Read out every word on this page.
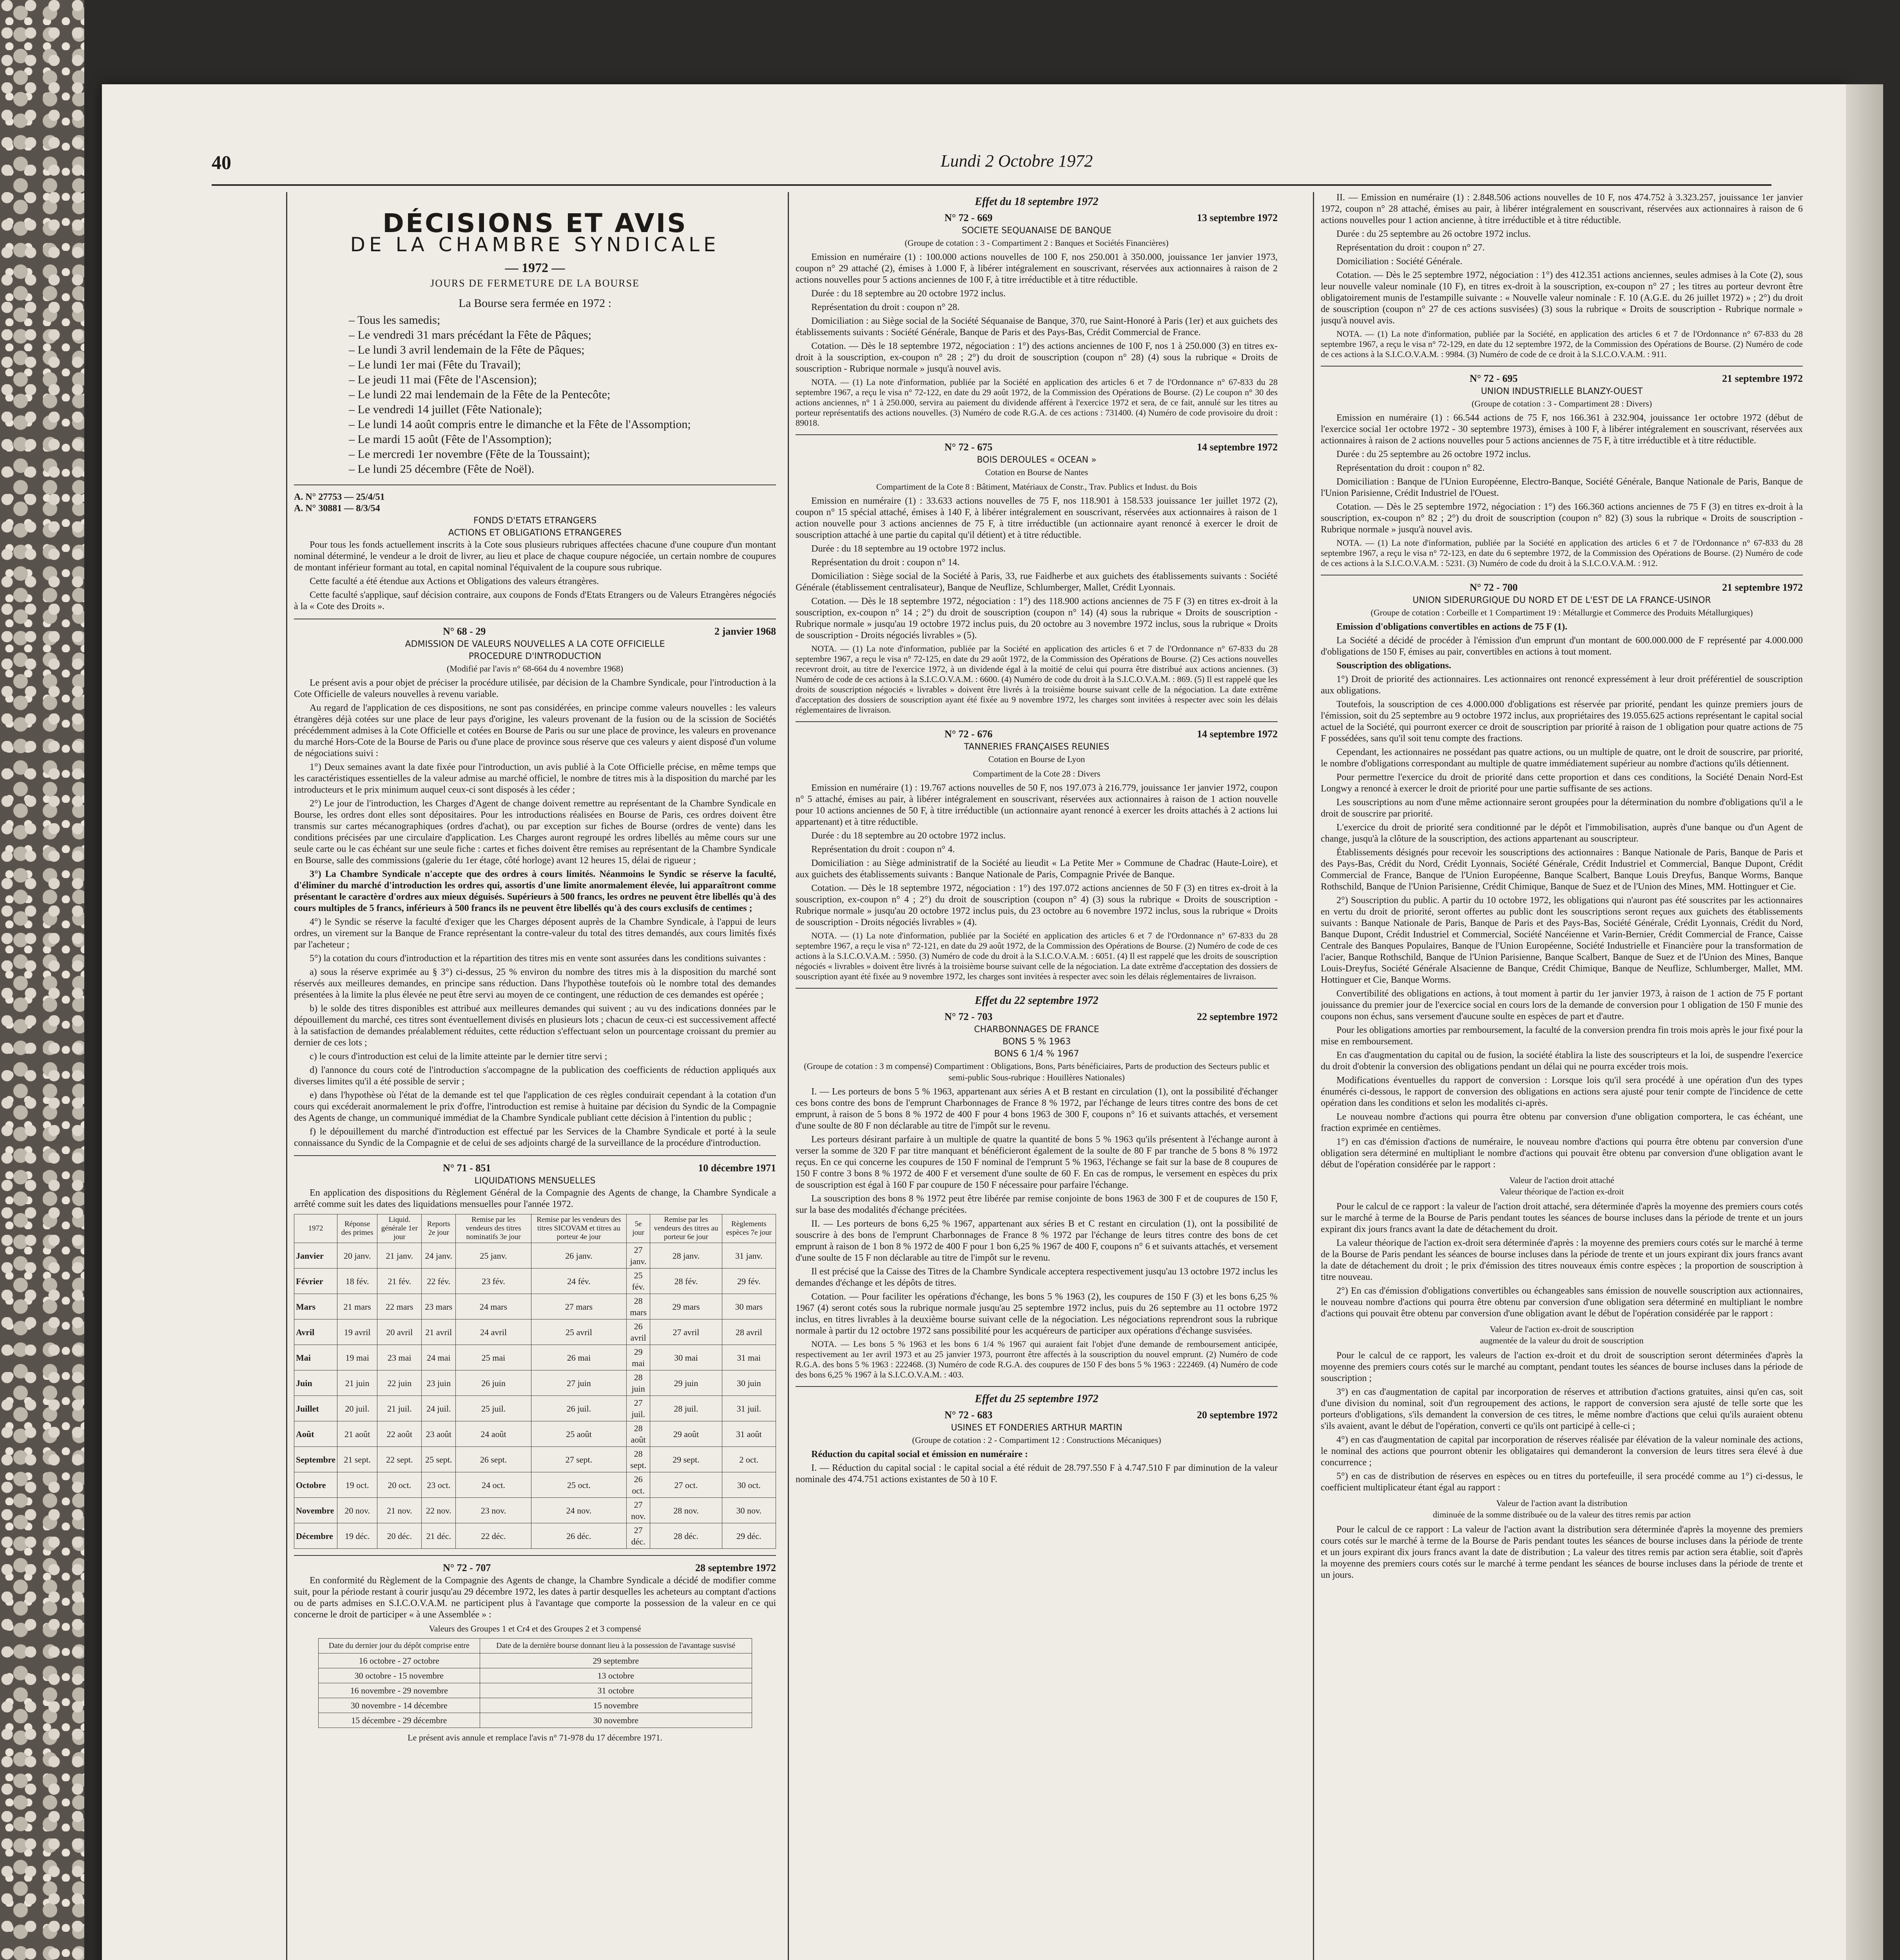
40	Lundi 2 Octobre 1972
DÉCISIONS ET AVIS
DE LA CHAMBRE SYNDICALE
— 1972 —
JOURS DE FERMETURE DE LA BOURSE
La Bourse sera fermée en 1972 :
– Tous les samedis;
– Le vendredi 31 mars précédant la Fête de Pâques;
– Le lundi 3 avril lendemain de la Fête de Pâques;
– Le lundi 1er mai (Fête du Travail);
– Le jeudi 11 mai (Fête de l'Ascension);
– Le lundi 22 mai lendemain de la Fête de la Pentecôte;
– Le vendredi 14 juillet (Fête Nationale);
– Le lundi 14 août compris entre le dimanche et la Fête de l'Assomption;
– Le mardi 15 août (Fête de l'Assomption);
– Le mercredi 1er novembre (Fête de la Toussaint);
– Le lundi 25 décembre (Fête de Noël).
A. N° 27753 — 25/4/51
A. N° 30881 — 8/3/54
FONDS D'ETATS ETRANGERS
ACTIONS ET OBLIGATIONS ETRANGERES

Pour tous les fonds actuellement inscrits à la Cote sous plusieurs rubriques affectées chacune d'une coupure d'un montant nominal déterminé, le vendeur a le droit de livrer, au lieu et place de chaque coupure négociée, un certain nombre de coupures de montant inférieur formant au total, en capital nominal l'équivalent de la coupure sous rubrique.

Cette faculté a été étendue aux Actions et Obligations des valeurs étrangères.

Cette faculté s'applique, sauf décision contraire, aux coupons de Fonds d'Etats Etrangers ou de Valeurs Etrangères négociés à la « Cote des Droits ».

N° 68 - 29	2 janvier 1968
ADMISSION DE VALEURS NOUVELLES A LA COTE OFFICIELLE
PROCEDURE D'INTRODUCTION
(Modifié par l'avis n° 68-664 du 4 novembre 1968)

Le présent avis a pour objet de préciser la procédure utilisée, par décision de la Chambre Syndicale, pour l'introduction à la Cote Officielle de valeurs nouvelles à revenu variable.

Au regard de l'application de ces dispositions, ne sont pas considérées, en principe comme valeurs nouvelles : les valeurs étrangères déjà cotées sur une place de leur pays d'origine, les valeurs provenant de la fusion ou de la scission de Sociétés précédemment admises à la Cote Officielle et cotées en Bourse de Paris ou sur une place de province, les valeurs en provenance du marché Hors-Cote de la Bourse de Paris ou d'une place de province sous réserve que ces valeurs y aient disposé d'un volume de négociations suivi :

1°) Deux semaines avant la date fixée pour l'introduction, un avis publié à la Cote Officielle précise, en même temps que les caractéristiques essentielles de la valeur admise au marché officiel, le nombre de titres mis à la disposition du marché par les introducteurs et le prix minimum auquel ceux-ci sont disposés à les céder ;

2°) Le jour de l'introduction, les Charges d'Agent de change doivent remettre au représentant de la Chambre Syndicale en Bourse, les ordres dont elles sont dépositaires. Pour les introductions réalisées en Bourse de Paris, ces ordres doivent être transmis sur cartes mécanographiques (ordres d'achat), ou par exception sur fiches de Bourse (ordres de vente) dans les conditions précisées par une circulaire d'application. Les Charges auront regroupé les ordres libellés au même cours sur une seule carte ou le cas échéant sur une seule fiche : cartes et fiches doivent être remises au représentant de la Chambre Syndicale en Bourse, salle des commissions (galerie du 1er étage, côté horloge) avant 12 heures 15, délai de rigueur ;

3°) La Chambre Syndicale n'accepte que des ordres à cours limités. Néanmoins le Syndic se réserve la faculté, d'éliminer du marché d'introduction les ordres qui, assortis d'une limite anormalement élevée, lui apparaîtront comme présentant le caractère d'ordres aux mieux déguisés. Supérieurs à 500 francs, les ordres ne peuvent être libellés qu'à des cours multiples de 5 francs, inférieurs à 500 francs ils ne peuvent être libellés qu'à des cours exclusifs de centimes ;

4°) le Syndic se réserve la faculté d'exiger que les Charges déposent auprès de la Chambre Syndicale, à l'appui de leurs ordres, un virement sur la Banque de France représentant la contre-valeur du total des titres demandés, aux cours limités fixés par l'acheteur ;

5°) la cotation du cours d'introduction et la répartition des titres mis en vente sont assurées dans les conditions suivantes :

a) sous la réserve exprimée au § 3°) ci-dessus, 25 % environ du nombre des titres mis à la disposition du marché sont réservés aux meilleures demandes, en principe sans réduction. Dans l'hypothèse toutefois où le nombre total des demandes présentées à la limite la plus élevée ne peut être servi au moyen de ce contingent, une réduction de ces demandes est opérée ;

b) le solde des titres disponibles est attribué aux meilleures demandes qui suivent ; au vu des indications données par le dépouillement du marché, ces titres sont éventuellement divisés en plusieurs lots ; chacun de ceux-ci est successivement affecté à la satisfaction de demandes préalablement réduites, cette réduction s'effectuant selon un pourcentage croissant du premier au dernier de ces lots ;

c) le cours d'introduction est celui de la limite atteinte par le dernier titre servi ;

d) l'annonce du cours coté de l'introduction s'accompagne de la publication des coefficients de réduction appliqués aux diverses limites qu'il a été possible de servir ;

e) dans l'hypothèse où l'état de la demande est tel que l'application de ces règles conduirait cependant à la cotation d'un cours qui excéderait anormalement le prix d'offre, l'introduction est remise à huitaine par décision du Syndic de la Compagnie des Agents de change, un communiqué immédiat de la Chambre Syndicale publiant cette décision à l'intention du public ;

f) le dépouillement du marché d'introduction est effectué par les Services de la Chambre Syndicale et porté à la seule connaissance du Syndic de la Compagnie et de celui de ses adjoints chargé de la surveillance de la procédure d'introduction.

N° 71 - 851	10 décembre 1971
LIQUIDATIONS MENSUELLES

En application des dispositions du Règlement Général de la Compagnie des Agents de change, la Chambre Syndicale a arrêté comme suit les dates des liquidations mensuelles pour l'année 1972.

1972	Réponse des primes	Liquid. générale 1er jour	Reports 2e jour	Remise par les vendeurs des titres nominatifs 3e jour	Remise par les vendeurs des titres SICOVAM et titres au porteur 4e jour	5e jour	Remise par les vendeurs des titres au porteur 6e jour	Règlements espèces 7e jour
Janvier	20 janv.	21 janv.	24 janv.	25 janv.	26 janv.	27 janv.	28 janv.	31 janv.
Février	18 fév.	21 fév.	22 fév.	23 fév.	24 fév.	25 fév.	28 fév.	29 fév.
Mars	21 mars	22 mars	23 mars	24 mars	27 mars	28 mars	29 mars	30 mars
Avril	19 avril	20 avril	21 avril	24 avril	25 avril	26 avril	27 avril	28 avril
Mai	19 mai	23 mai	24 mai	25 mai	26 mai	29 mai	30 mai	31 mai
Juin	21 juin	22 juin	23 juin	26 juin	27 juin	28 juin	29 juin	30 juin
Juillet	20 juil.	21 juil.	24 juil.	25 juil.	26 juil.	27 juil.	28 juil.	31 juil.
Août	21 août	22 août	23 août	24 août	25 août	28 août	29 août	31 août
Septembre	21 sept.	22 sept.	25 sept.	26 sept.	27 sept.	28 sept.	29 sept.	2 oct.
Octobre	19 oct.	20 oct.	23 oct.	24 oct.	25 oct.	26 oct.	27 oct.	30 oct.
Novembre	20 nov.	21 nov.	22 nov.	23 nov.	24 nov.	27 nov.	28 nov.	30 nov.
Décembre	19 déc.	20 déc.	21 déc.	22 déc.	26 déc.	27 déc.	28 déc.	29 déc.
N° 72 - 707	28 septembre 1972

En conformité du Règlement de la Compagnie des Agents de change, la Chambre Syndicale a décidé de modifier comme suit, pour la période restant à courir jusqu'au 29 décembre 1972, les dates à partir desquelles les acheteurs au comptant d'actions ou de parts admises en S.I.C.O.V.A.M. ne participent plus à l'avantage que comporte la possession de la valeur en ce qui concerne le droit de participer « à une Assemblée » :

Valeurs des Groupes 1 et Cr4 et des Groupes 2 et 3 compensé
Date du dernier jour du dépôt comprise entre	Date de la dernière bourse donnant lieu à la possession de l'avantage susvisé
16 octobre - 27 octobre	29 septembre
30 octobre - 15 novembre	13 octobre
16 novembre - 29 novembre	31 octobre
30 novembre - 14 décembre	15 novembre
15 décembre - 29 décembre	30 novembre
Le présent avis annule et remplace l'avis n° 71-978 du 17 décembre 1971.
Effet du 18 septembre 1972
N° 72 - 669	13 septembre 1972
SOCIETE SEQUANAISE DE BANQUE
(Groupe de cotation : 3 - Compartiment 2 : Banques et Sociétés Financières)

Emission en numéraire (1) : 100.000 actions nouvelles de 100 F, nos 250.001 à 350.000, jouissance 1er janvier 1973, coupon n° 29 attaché (2), émises à 1.000 F, à libérer intégralement en souscrivant, réservées aux actionnaires à raison de 2 actions nouvelles pour 5 actions anciennes de 100 F, à titre irréductible et à titre réductible.

Durée : du 18 septembre au 20 octobre 1972 inclus.

Représentation du droit : coupon n° 28.

Domiciliation : au Siège social de la Société Séquanaise de Banque, 370, rue Saint-Honoré à Paris (1er) et aux guichets des établissements suivants : Société Générale, Banque de Paris et des Pays-Bas, Crédit Commercial de France.

Cotation. — Dès le 18 septembre 1972, négociation : 1°) des actions anciennes de 100 F, nos 1 à 250.000 (3) en titres ex-droit à la souscription, ex-coupon n° 28 ; 2°) du droit de souscription (coupon n° 28) (4) sous la rubrique « Droits de souscription - Rubrique normale » jusqu'à nouvel avis.

NOTA. — (1) La note d'information, publiée par la Société en application des articles 6 et 7 de l'Ordonnance n° 67-833 du 28 septembre 1967, a reçu le visa n° 72-122, en date du 29 août 1972, de la Commission des Opérations de Bourse. (2) Le coupon n° 30 des actions anciennes, n° 1 à 250.000, servira au paiement du dividende afférent à l'exercice 1972 et sera, de ce fait, annulé sur les titres au porteur représentatifs des actions nouvelles. (3) Numéro de code R.G.A. de ces actions : 731400. (4) Numéro de code provisoire du droit : 89018.

N° 72 - 675	14 septembre 1972
BOIS DEROULES « OCEAN »
Cotation en Bourse de Nantes
Compartiment de la Cote 8 : Bâtiment, Matériaux de Constr., Trav. Publics et Indust. du Bois

Emission en numéraire (1) : 33.633 actions nouvelles de 75 F, nos 118.901 à 158.533 jouissance 1er juillet 1972 (2), coupon n° 15 spécial attaché, émises à 140 F, à libérer intégralement en souscrivant, réservées aux actionnaires à raison de 1 action nouvelle pour 3 actions anciennes de 75 F, à titre irréductible (un actionnaire ayant renoncé à exercer le droit de souscription attaché à une partie du capital qu'il détient) et à titre réductible.

Durée : du 18 septembre au 19 octobre 1972 inclus.

Représentation du droit : coupon n° 14.

Domiciliation : Siège social de la Société à Paris, 33, rue Faidherbe et aux guichets des établissements suivants : Société Générale (établissement centralisateur), Banque de Neuflize, Schlumberger, Mallet, Crédit Lyonnais.

Cotation. — Dès le 18 septembre 1972, négociation : 1°) des 118.900 actions anciennes de 75 F (3) en titres ex-droit à la souscription, ex-coupon n° 14 ; 2°) du droit de souscription (coupon n° 14) (4) sous la rubrique « Droits de souscription - Rubrique normale » jusqu'au 19 octobre 1972 inclus puis, du 20 octobre au 3 novembre 1972 inclus, sous la rubrique « Droits de souscription - Droits négociés livrables » (5).

NOTA. — (1) La note d'information, publiée par la Société en application des articles 6 et 7 de l'Ordonnance n° 67-833 du 28 septembre 1967, a reçu le visa n° 72-125, en date du 29 août 1972, de la Commission des Opérations de Bourse. (2) Ces actions nouvelles recevront droit, au titre de l'exercice 1972, à un dividende égal à la moitié de celui qui pourra être distribué aux actions anciennes. (3) Numéro de code de ces actions à la S.I.C.O.V.A.M. : 6600. (4) Numéro de code du droit à la S.I.C.O.V.A.M. : 869. (5) Il est rappelé que les droits de souscription négociés « livrables » doivent être livrés à la troisième bourse suivant celle de la négociation. La date extrême d'acceptation des dossiers de souscription ayant été fixée au 9 novembre 1972, les charges sont invitées à respecter avec soin les délais réglementaires de livraison.

N° 72 - 676	14 septembre 1972
TANNERIES FRANÇAISES REUNIES
Cotation en Bourse de Lyon
Compartiment de la Cote 28 : Divers

Emission en numéraire (1) : 19.767 actions nouvelles de 50 F, nos 197.073 à 216.779, jouissance 1er janvier 1972, coupon n° 5 attaché, émises au pair, à libérer intégralement en souscrivant, réservées aux actionnaires à raison de 1 action nouvelle pour 10 actions anciennes de 50 F, à titre irréductible (un actionnaire ayant renoncé à exercer les droits attachés à 2 actions lui appartenant) et à titre réductible.

Durée : du 18 septembre au 20 octobre 1972 inclus.

Représentation du droit : coupon n° 4.

Domiciliation : au Siège administratif de la Société au lieudit « La Petite Mer » Commune de Chadrac (Haute-Loire), et aux guichets des établissements suivants : Banque Nationale de Paris, Compagnie Privée de Banque.

Cotation. — Dès le 18 septembre 1972, négociation : 1°) des 197.072 actions anciennes de 50 F (3) en titres ex-droit à la souscription, ex-coupon n° 4 ; 2°) du droit de souscription (coupon n° 4) (3) sous la rubrique « Droits de souscription - Rubrique normale » jusqu'au 20 octobre 1972 inclus puis, du 23 octobre au 6 novembre 1972 inclus, sous la rubrique « Droits de souscription - Droits négociés livrables » (4).

NOTA. — (1) La note d'information, publiée par la Société en application des articles 6 et 7 de l'Ordonnance n° 67-833 du 28 septembre 1967, a reçu le visa n° 72-121, en date du 29 août 1972, de la Commission des Opérations de Bourse. (2) Numéro de code de ces actions à la S.I.C.O.V.A.M. : 5950. (3) Numéro de code du droit à la S.I.C.O.V.A.M. : 6051. (4) Il est rappelé que les droits de souscription négociés « livrables » doivent être livrés à la troisième bourse suivant celle de la négociation. La date extrême d'acceptation des dossiers de souscription ayant été fixée au 9 novembre 1972, les charges sont invitées à respecter avec soin les délais réglementaires de livraison.

Effet du 22 septembre 1972
N° 72 - 703	22 septembre 1972
CHARBONNAGES DE FRANCE
BONS 5 % 1963
BONS 6 1/4 % 1967
(Groupe de cotation : 3 m compensé) Compartiment : Obligations, Bons, Parts bénéficiaires, Parts de production des Secteurs public et semi-public Sous-rubrique : Houillères Nationales)

I. — Les porteurs de bons 5 % 1963, appartenant aux séries A et B restant en circulation (1), ont la possibilité d'échanger ces bons contre des bons de l'emprunt Charbonnages de France 8 % 1972, par l'échange de leurs titres contre des bons de cet emprunt, à raison de 5 bons 8 % 1972 de 400 F pour 4 bons 1963 de 300 F, coupons n° 16 et suivants attachés, et versement d'une soulte de 80 F non déclarable au titre de l'impôt sur le revenu.

Les porteurs désirant parfaire à un multiple de quatre la quantité de bons 5 % 1963 qu'ils présentent à l'échange auront à verser la somme de 320 F par titre manquant et bénéficieront également de la soulte de 80 F par tranche de 5 bons 8 % 1972 reçus. En ce qui concerne les coupures de 150 F nominal de l'emprunt 5 % 1963, l'échange se fait sur la base de 8 coupures de 150 F contre 3 bons 8 % 1972 de 400 F et versement d'une soulte de 60 F. En cas de rompus, le versement en espèces du prix de souscription est égal à 160 F par coupure de 150 F nécessaire pour parfaire l'échange.

La souscription des bons 8 % 1972 peut être libérée par remise conjointe de bons 1963 de 300 F et de coupures de 150 F, sur la base des modalités d'échange précitées.

II. — Les porteurs de bons 6,25 % 1967, appartenant aux séries B et C restant en circulation (1), ont la possibilité de souscrire à des bons de l'emprunt Charbonnages de France 8 % 1972 par l'échange de leurs titres contre des bons de cet emprunt à raison de 1 bon 8 % 1972 de 400 F pour 1 bon 6,25 % 1967 de 400 F, coupons n° 6 et suivants attachés, et versement d'une soulte de 15 F non déclarable au titre de l'impôt sur le revenu.

Il est précisé que la Caisse des Titres de la Chambre Syndicale acceptera respectivement jusqu'au 13 octobre 1972 inclus les demandes d'échange et les dépôts de titres.

Cotation. — Pour faciliter les opérations d'échange, les bons 5 % 1963 (2), les coupures de 150 F (3) et les bons 6,25 % 1967 (4) seront cotés sous la rubrique normale jusqu'au 25 septembre 1972 inclus, puis du 26 septembre au 11 octobre 1972 inclus, en titres livrables à la deuxième bourse suivant celle de la négociation. Les négociations reprendront sous la rubrique normale à partir du 12 octobre 1972 sans possibilité pour les acquéreurs de participer aux opérations d'échange susvisées.

NOTA. — Les bons 5 % 1963 et les bons 6 1/4 % 1967 qui auraient fait l'objet d'une demande de remboursement anticipée, respectivement au 1er avril 1973 et au 25 janvier 1973, pourront être affectés à la souscription du nouvel emprunt. (2) Numéro de code R.G.A. des bons 5 % 1963 : 222468. (3) Numéro de code R.G.A. des coupures de 150 F des bons 5 % 1963 : 222469. (4) Numéro de code des bons 6,25 % 1967 à la S.I.C.O.V.A.M. : 403.

Effet du 25 septembre 1972
N° 72 - 683	20 septembre 1972
USINES ET FONDERIES ARTHUR MARTIN
(Groupe de cotation : 2 - Compartiment 12 : Constructions Mécaniques)

Réduction du capital social et émission en numéraire :

I. — Réduction du capital social : le capital social a été réduit de 28.797.550 F à 4.747.510 F par diminution de la valeur nominale des 474.751 actions existantes de 50 à 10 F.

II. — Emission en numéraire (1) : 2.848.506 actions nouvelles de 10 F, nos 474.752 à 3.323.257, jouissance 1er janvier 1972, coupon n° 28 attaché, émises au pair, à libérer intégralement en souscrivant, réservées aux actionnaires à raison de 6 actions nouvelles pour 1 action ancienne, à titre irréductible et à titre réductible.

Durée : du 25 septembre au 26 octobre 1972 inclus.

Représentation du droit : coupon n° 27.

Domiciliation : Société Générale.

Cotation. — Dès le 25 septembre 1972, négociation : 1°) des 412.351 actions anciennes, seules admises à la Cote (2), sous leur nouvelle valeur nominale (10 F), en titres ex-droit à la souscription, ex-coupon n° 27 ; les titres au porteur devront être obligatoirement munis de l'estampille suivante : « Nouvelle valeur nominale : F. 10 (A.G.E. du 26 juillet 1972) » ; 2°) du droit de souscription (coupon n° 27 de ces actions susvisées) (3) sous la rubrique « Droits de souscription - Rubrique normale » jusqu'à nouvel avis.

NOTA. — (1) La note d'information, publiée par la Société, en application des articles 6 et 7 de l'Ordonnance n° 67-833 du 28 septembre 1967, a reçu le visa n° 72-129, en date du 12 septembre 1972, de la Commission des Opérations de Bourse. (2) Numéro de code de ces actions à la S.I.C.O.V.A.M. : 9984. (3) Numéro de code de ce droit à la S.I.C.O.V.A.M. : 911.

N° 72 - 695	21 septembre 1972
UNION INDUSTRIELLE BLANZY-OUEST
(Groupe de cotation : 3 - Compartiment 28 : Divers)

Emission en numéraire (1) : 66.544 actions de 75 F, nos 166.361 à 232.904, jouissance 1er octobre 1972 (début de l'exercice social 1er octobre 1972 - 30 septembre 1973), émises à 100 F, à libérer intégralement en souscrivant, réservées aux actionnaires à raison de 2 actions nouvelles pour 5 actions anciennes de 75 F, à titre irréductible et à titre réductible.

Durée : du 25 septembre au 26 octobre 1972 inclus.

Représentation du droit : coupon n° 82.

Domiciliation : Banque de l'Union Européenne, Electro-Banque, Société Générale, Banque Nationale de Paris, Banque de l'Union Parisienne, Crédit Industriel de l'Ouest.

Cotation. — Dès le 25 septembre 1972, négociation : 1°) des 166.360 actions anciennes de 75 F (3) en titres ex-droit à la souscription, ex-coupon n° 82 ; 2°) du droit de souscription (coupon n° 82) (3) sous la rubrique « Droits de souscription - Rubrique normale » jusqu'à nouvel avis.

NOTA. — (1) La note d'information, publiée par la Société en application des articles 6 et 7 de l'Ordonnance n° 67-833 du 28 septembre 1967, a reçu le visa n° 72-123, en date du 6 septembre 1972, de la Commission des Opérations de Bourse. (2) Numéro de code de ces actions à la S.I.C.O.V.A.M. : 5231. (3) Numéro de code du droit à la S.I.C.O.V.A.M. : 912.

N° 72 - 700	21 septembre 1972
UNION SIDERURGIQUE DU NORD ET DE L'EST DE LA FRANCE-USINOR
(Groupe de cotation : Corbeille et 1 Compartiment 19 : Métallurgie et Commerce des Produits Métallurgiques)

Emission d'obligations convertibles en actions de 75 F (1).

La Société a décidé de procéder à l'émission d'un emprunt d'un montant de 600.000.000 de F représenté par 4.000.000 d'obligations de 150 F, émises au pair, convertibles en actions à tout moment.

Souscription des obligations.

1°) Droit de priorité des actionnaires. Les actionnaires ont renoncé expressément à leur droit préférentiel de souscription aux obligations.

Toutefois, la souscription de ces 4.000.000 d'obligations est réservée par priorité, pendant les quinze premiers jours de l'émission, soit du 25 septembre au 9 octobre 1972 inclus, aux propriétaires des 19.055.625 actions représentant le capital social actuel de la Société, qui pourront exercer ce droit de souscription par priorité à raison de 1 obligation pour quatre actions de 75 F possédées, sans qu'il soit tenu compte des fractions.

Cependant, les actionnaires ne possédant pas quatre actions, ou un multiple de quatre, ont le droit de souscrire, par priorité, le nombre d'obligations correspondant au multiple de quatre immédiatement supérieur au nombre d'actions qu'ils détiennent.

Pour permettre l'exercice du droit de priorité dans cette proportion et dans ces conditions, la Société Denain Nord-Est Longwy a renoncé à exercer le droit de priorité pour une partie suffisante de ses actions.

Les souscriptions au nom d'une même actionnaire seront groupées pour la détermination du nombre d'obligations qu'il a le droit de souscrire par priorité.

L'exercice du droit de priorité sera conditionné par le dépôt et l'immobilisation, auprès d'une banque ou d'un Agent de change, jusqu'à la clôture de la souscription, des actions appartenant au souscripteur.

Établissements désignés pour recevoir les souscriptions des actionnaires : Banque Nationale de Paris, Banque de Paris et des Pays-Bas, Crédit du Nord, Crédit Lyonnais, Société Générale, Crédit Industriel et Commercial, Banque Dupont, Crédit Commercial de France, Banque de l'Union Européenne, Banque Scalbert, Banque Louis Dreyfus, Banque Worms, Banque Rothschild, Banque de l'Union Parisienne, Crédit Chimique, Banque de Suez et de l'Union des Mines, MM. Hottinguer et Cie.

2°) Souscription du public. A partir du 10 octobre 1972, les obligations qui n'auront pas été souscrites par les actionnaires en vertu du droit de priorité, seront offertes au public dont les souscriptions seront reçues aux guichets des établissements suivants : Banque Nationale de Paris, Banque de Paris et des Pays-Bas, Société Générale, Crédit Lyonnais, Crédit du Nord, Banque Dupont, Crédit Industriel et Commercial, Société Nancéienne et Varin-Bernier, Crédit Commercial de France, Caisse Centrale des Banques Populaires, Banque de l'Union Européenne, Société Industrielle et Financière pour la transformation de l'acier, Banque Rothschild, Banque de l'Union Parisienne, Banque Scalbert, Banque de Suez et de l'Union des Mines, Banque Louis-Dreyfus, Société Générale Alsacienne de Banque, Crédit Chimique, Banque de Neuflize, Schlumberger, Mallet, MM. Hottinguer et Cie, Banque Worms.

Convertibilité des obligations en actions, à tout moment à partir du 1er janvier 1973, à raison de 1 action de 75 F portant jouissance du premier jour de l'exercice social en cours lors de la demande de conversion pour 1 obligation de 150 F munie des coupons non échus, sans versement d'aucune soulte en espèces de part et d'autre.

Pour les obligations amorties par remboursement, la faculté de la conversion prendra fin trois mois après le jour fixé pour la mise en remboursement.

En cas d'augmentation du capital ou de fusion, la société établira la liste des souscripteurs et la loi, de suspendre l'exercice du droit d'obtenir la conversion des obligations pendant un délai qui ne pourra excéder trois mois.

Modifications éventuelles du rapport de conversion : Lorsque lois qu'il sera procédé à une opération d'un des types énumérés ci-dessous, le rapport de conversion des obligations en actions sera ajusté pour tenir compte de l'incidence de cette opération dans les conditions et selon les modalités ci-après.

Le nouveau nombre d'actions qui pourra être obtenu par conversion d'une obligation comportera, le cas échéant, une fraction exprimée en centièmes.

1°) en cas d'émission d'actions de numéraire, le nouveau nombre d'actions qui pourra être obtenu par conversion d'une obligation sera déterminé en multipliant le nombre d'actions qui pouvait être obtenu par conversion d'une obligation avant le début de l'opération considérée par le rapport :

Valeur de l'action droit attaché
Valeur théorique de l'action ex-droit

Pour le calcul de ce rapport : la valeur de l'action droit attaché, sera déterminée d'après la moyenne des premiers cours cotés sur le marché à terme de la Bourse de Paris pendant toutes les séances de bourse incluses dans la période de trente et un jours expirant dix jours francs avant la date de détachement du droit.

La valeur théorique de l'action ex-droit sera déterminée d'après : la moyenne des premiers cours cotés sur le marché à terme de la Bourse de Paris pendant les séances de bourse incluses dans la période de trente et un jours expirant dix jours francs avant la date de détachement du droit ; le prix d'émission des titres nouveaux émis contre espèces ; la proportion de souscription à titre nouveau.

2°) En cas d'émission d'obligations convertibles ou échangeables sans émission de nouvelle souscription aux actionnaires, le nouveau nombre d'actions qui pourra être obtenu par conversion d'une obligation sera déterminé en multipliant le nombre d'actions qui pouvait être obtenu par conversion d'une obligation avant le début de l'opération considérée par le rapport :

Valeur de l'action ex-droit de souscription
augmentée de la valeur du droit de souscription

Pour le calcul de ce rapport, les valeurs de l'action ex-droit et du droit de souscription seront déterminées d'après la moyenne des premiers cours cotés sur le marché au comptant, pendant toutes les séances de bourse incluses dans la période de souscription ;

3°) en cas d'augmentation de capital par incorporation de réserves et attribution d'actions gratuites, ainsi qu'en cas, soit d'une division du nominal, soit d'un regroupement des actions, le rapport de conversion sera ajusté de telle sorte que les porteurs d'obligations, s'ils demandent la conversion de ces titres, le même nombre d'actions que celui qu'ils auraient obtenu s'ils avaient, avant le début de l'opération, converti ce qu'ils ont participé à celle-ci ;

4°) en cas d'augmentation de capital par incorporation de réserves réalisée par élévation de la valeur nominale des actions, le nominal des actions que pourront obtenir les obligataires qui demanderont la conversion de leurs titres sera élevé à due concurrence ;

5°) en cas de distribution de réserves en espèces ou en titres du portefeuille, il sera procédé comme au 1°) ci-dessus, le coefficient multiplicateur étant égal au rapport :

Valeur de l'action avant la distribution
diminuée de la somme distribuée ou de la valeur des titres remis par action

Pour le calcul de ce rapport : La valeur de l'action avant la distribution sera déterminée d'après la moyenne des premiers cours cotés sur le marché à terme de la Bourse de Paris pendant toutes les séances de bourse incluses dans la période de trente et un jours expirant dix jours francs avant la date de distribution ; La valeur des titres remis par action sera établie, soit d'après la moyenne des premiers cours cotés sur le marché à terme pendant les séances de bourse incluses dans la période de trente et un jours.
